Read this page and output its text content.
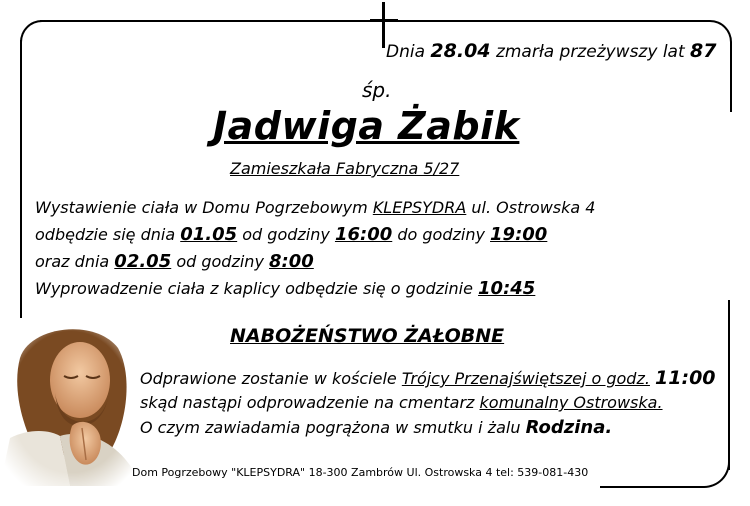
Dnia 28.04 zmarła przeżywszy lat 87
śp.
Jadwiga Żabik
Zamieszkała Fabryczna 5/27
Wystawienie ciała w Domu Pogrzebowym KLEPSYDRA ul. Ostrowska 4
odbędzie się dnia 01.05 od godziny 16:00 do godziny 19:00
oraz dnia 02.05 od godziny 8:00
Wyprowadzenie ciała z kaplicy odbędzie się o godzinie 10:45
NABOŻEŃSTWO ŻAŁOBNE
Odprawione zostanie w kościele Trójcy Przenajświętszej o godz. 11:00
skąd nastąpi odprowadzenie na cmentarz komunalny Ostrowska.
O czym zawiadamia pogrążona w smutku i żalu Rodzina.
Dom Pogrzebowy "KLEPSYDRA" 18-300 Zambrów Ul. Ostrowska 4 tel: 539-081-430
